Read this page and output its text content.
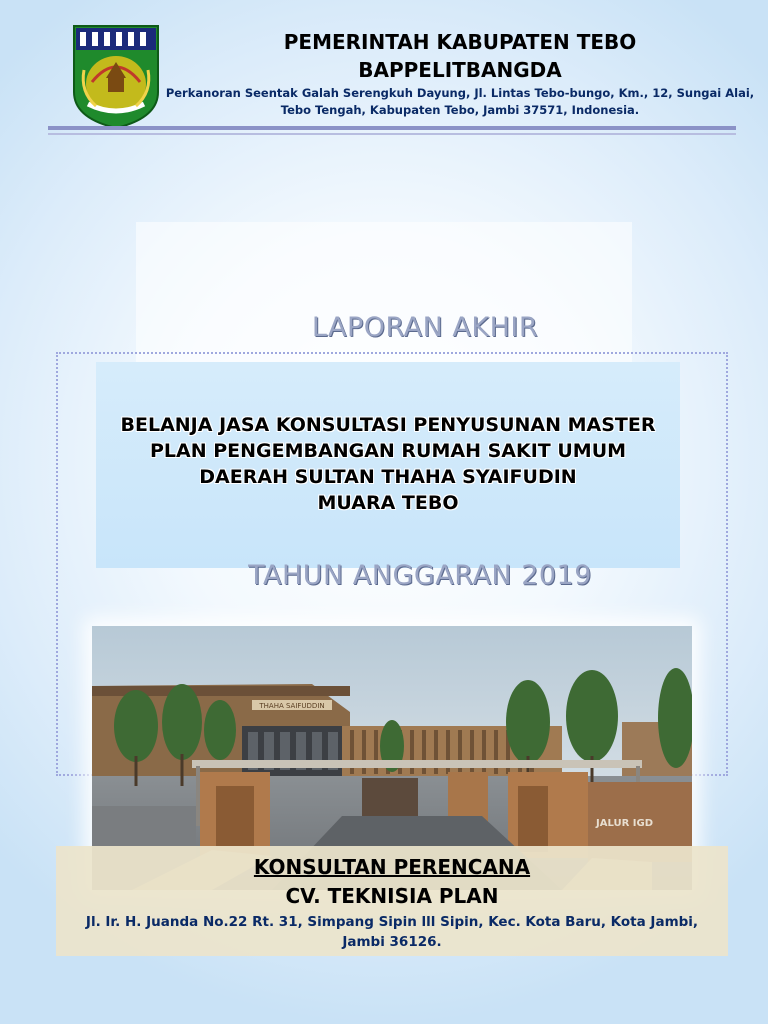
PEMERINTAH KABUPATEN TEBO
BAPPELITBANGDA
Perkanoran Seentak Galah Serengkuh Dayung, Jl. Lintas Tebo-bungo, Km., 12, Sungai Alai, Tebo Tengah, Kabupaten Tebo, Jambi 37571, Indonesia.
LAPORAN AKHIR
BELANJA JASA KONSULTASI PENYUSUNAN MASTER
PLAN PENGEMBANGAN RUMAH SAKIT UMUM
DAERAH SULTAN THAHA SYAIFUDIN
MUARA TEBO
TAHUN ANGGARAN 2019
THAHA SAIFUDDIN
JALUR IGD
KONSULTAN PERENCANA
CV. TEKNISIA PLAN
Jl. Ir. H. Juanda No.22 Rt. 31, Simpang Sipin lll Sipin, Kec. Kota Baru, Kota Jambi,
Jambi 36126.
